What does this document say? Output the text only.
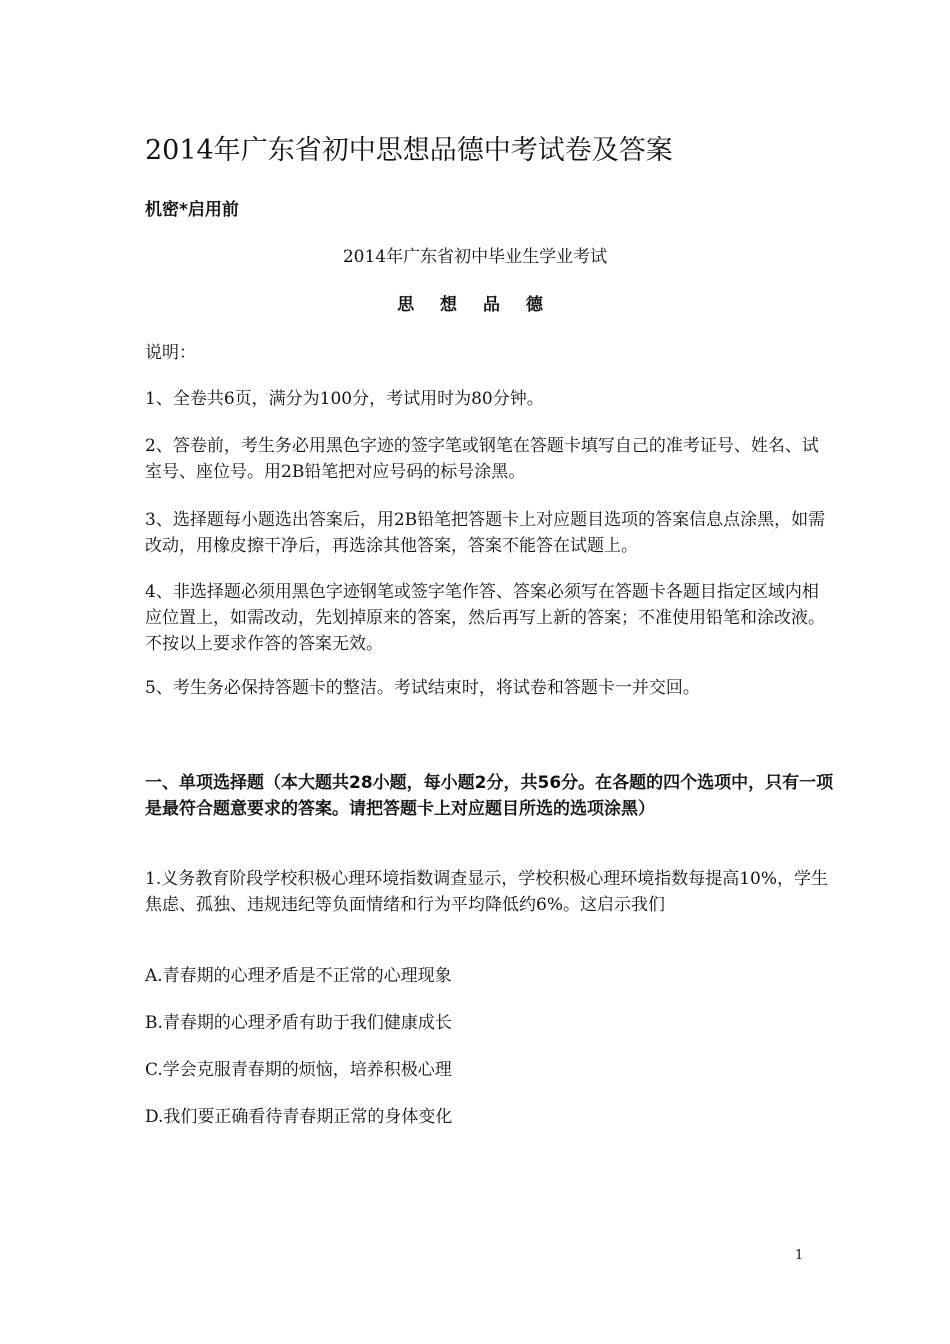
2014年广东省初中思想品德中考试卷及答案

机密*启用前

2014年广东省初中毕业生学业考试

思 想 品 德

说明：

1、全卷共6页，满分为100分，考试用时为80分钟。

2、答卷前，考生务必用黑色字迹的签字笔或钢笔在答题卡填写自己的准考证号、姓名、试室号、座位号。用2B铅笔把对应号码的标号涂黑。

3、选择题每小题选出答案后，用2B铅笔把答题卡上对应题目选项的答案信息点涂黑，如需改动，用橡皮擦干净后，再选涂其他答案，答案不能答在试题上。

4、非选择题必须用黑色字迹钢笔或签字笔作答、答案必须写在答题卡各题目指定区域内相应位置上，如需改动，先划掉原来的答案，然后再写上新的答案；不准使用铅笔和涂改液。不按以上要求作答的答案无效。

5、考生务必保持答题卡的整洁。考试结束时，将试卷和答题卡一并交回。

一、单项选择题（本大题共28小题，每小题2分，共56分。在各题的四个选项中，只有一项是最符合题意要求的答案。请把答题卡上对应题目所选的选项涂黑）

1.义务教育阶段学校积极心理环境指数调查显示，学校积极心理环境指数每提高10%，学生焦虑、孤独、违规违纪等负面情绪和行为平均降低约6%。这启示我们

A.青春期的心理矛盾是不正常的心理现象

B.青春期的心理矛盾有助于我们健康成长

C.学会克服青春期的烦恼，培养积极心理

D.我们要正确看待青春期正常的身体变化

1
